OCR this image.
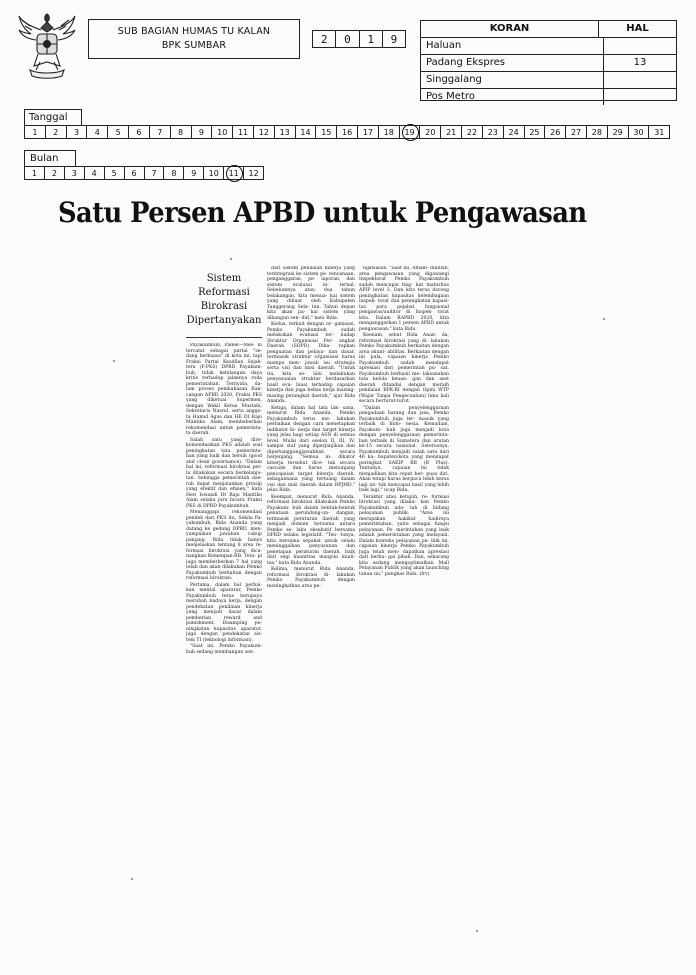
SUB BAGIAN HUMAS TU KALAN
BPK SUMBAR	2	0	1	9
KORAN	HAL
Haluan
Padang Ekspres	13
Singgalang
Pos Metro
Tanggal
1	2	3	4	5	6	7	8	9	10	11	12	13	14	15	16	17	18	19	20	21	22	23	24	25	26	27	28	29	30	31
Bulan
1	2	3	4	5	6	7	8	9	10	11	12
Satu Persen APBD untuk Pengawasan
Sistem
Reformasi
Birokrasi
Dipertanyakan

Payakumbuh, Padek—Mes- ki tercatat sebagai partai "se- dang berkuasa" di kota ini, tapi Fraksi Partai Keadilan Sejah- tera (F-PKS) DPRD Payakum- buh, tidak kehilangan daya kritis terhadap jalannya roda pemerintahan. Ternyata, da- lam proses pembahasan Ran- cangan APBD 2020, Fraksi PKS yang diketuai Supermen, dengan Wakil Ketua Mustafa, Sekretaris Nasrul, serta anggo- ta Hamid Agus dan HE Dt Rajo Mantiko Alam, membeberkan rekomendasi untuk pemerinta- ta daerah.

Salah satu yang dire- komendasikan PKS adalah soal peningkatan tata pemerinta- han yang baik dan bersih (good and clean governance). "Dalam hal ini, reformasi birokrasi per- lu dilakukan secara berkelanju- tan. Sehingga pemerintah dae- rah dapat menjalankan prinsip yang efektif dan efisien," kata Heri Iswandi Dt Rajo Mantiko Alam selaku juru bicara Fraksi PKS di DPRD Payakumbuh.

Menanggapi rekomendasi pendek dari PKS itu, Sekda Pa- yakumbuh, Rida Ananda yang datang ke gedung DPRD, men- yampaikan jawaban cukup panjang. Rida tidak hanya menjelaskan tentang 8 area re- formasi birokrasi yang dica- nangkan Kemenpan-RB. Teta- pi juga memberberkan 7 hal yang telah dan akan dilakukan Pemko Payakumbuh berkaitan dengan reformasi birokrasi.

Pertama, dalam hal perbai- kan mental aparatur, Pemko Payakumbuh terus berupaya merubah budaya kerja, dengan pendekatan penilaian kinerja yang menjadi dasar dalam pemberian reward and punishment. Disamping pe- ningkatan kapasitas aparatur, juga dengan pendekatan sis- tem TI (teknologi informasi).

"Saat ini, Pemko Payakum- buh sedang membangun sen-

dari sistem penilaian kinerja yang terintegrasi ke sistem pe- rencanaan, penganggaran, pe- laporan, dan sistem evaluasi in- ternal. Sebelumnya atau dua tahun belakangan, kita menua- kai sistem yang dibuat oleh Kabupaten Tanggerang Sela- tan. Tahun depan kita akan pa- kai sistem yang dibangun sen- diri," kata Rida.

Kedua, terkait dengan or- ganisasi, Pemko Payakumbuh sudah melakukan evaluasi ter- hadap Struktur Organisasi Per- angkat Daerah (SOPD). Diha- rapkan penguatan dan pelaya- nan dasar, termasuk struktur organisasi harus mampu men- jawab isu strategis serta visi dan misi daerah. "Untuk itu, kita se- lalu melakukan penyesuaian struktur berdasarkan hasil eva- luasi terhadap capaian kinerja dan juga bebas kerja masing- masing perangkat daerah," ujar Rida Ananda.

Ketiga, dalam hal tata lak- sana, menurut Rida Ananda, Pemko Payakumbuh terus me- lakukan perbaikan dengan cara menetapkan indikator ki- nerja dan target kinerja yang jelas bagi setiap ASN di semua level. Mulai dari eselon II, III, IV, sampai staf yang diperjanjikan dan dipertanggungjawabkan secara berjenjang. "Semua in- dikator kinerja tersebut dice- tak secara cascade dan harus menunjang pencapaian target kinerja daerah, sebagaimana yang tertuang dalam visi dan misi daerah dalam RPJMD," jelas Rida.

Keempat, menurut Rida Ananda, reformasi birokrasi dilakukan Pemko Payakum- buh dalam bentuk-bentuk penataan perundang-un- dangan, termasuk peraturan daerah yang menjadi domain bersama antara Pemko se- laku eksekutif bersama DPRD selaku legislatif. "Ten- tunya, kita bersama sepakat untuk selalu meninggalkan penyusunan dan penetapan peraturan daerah, baik dari segi kuantitas maupun kuali- tas," kata Rida Ananda.

Kelima, menurut Rida Ananda, reformasi birokrasi di- lakukan Pemko Payakumbuh dengan meningkatkan area pe-

ngawasan. "Saat ini, Alham- dulillah, area pengawasan yang digawangi Inspektorat Pemko Payakumbuh sudah mencapai ting- kat maturitas APIP level 3. Dan kita terus dorong peningkatan kapasitas kelembagaan inspek- torat dan peningkatan kapasi- tas para pejabat fungsional pengawas/auditor di Inspek- torat kita. Dalam RAPBD 2020, kita menganggarkan 1 persen APBD untuk pengawasan," kata Rida.

Keenam, sebut Rida Anan- da, reformasi birokrasi yang di- lakukan Pemko Payakumbuh berkaitan dengan area akunt- abilitas. Berkaitan dengan ini pula, capaian kinerja Pemko Payakumbuh sudah mendapat apresiasi dari pemerintah pu- sat. Payakumbuh berhasil me- laksanakan tata kelola keuan- gan dan aset daerah ditandai dengan meraih penilaian BPK-RI dengan Opini WTP (Wajar Tanpa Pengecualian) lima kali secara berturut-turut.

"Dalam penyelenggaraan pengadaan barang dan jasa, Pemko Payakumbuh juga ter- masuk yang terbaik di Indo- nesia. Kemudian, Payakum- buh juga menjadi kota dengan penyelenggaraan pemerinta- han terbaik di Sumatera dan urutan ke-15 secara nasional. Seterusnya, Payakumbuh menjadi salah satu dari 46 ka- bupaten/kota yang mendapat peringkat SAKIP BB (B Plus). Tentunya, capaian ini tidak menjadikan kita cepat ber- puas diri. Akan tetapi harus berpacu lebih keras lagi un- tuk mencapai hasil yang lebih baik lagi," ucap Rida.

Terakhir atau ketujuh, re- formasi birokrasi yang dilaku- kan Pemko Payakumbuh ada- lah di bidang pelayanan publik. "Area ini merupakan hakikat hadirnya pemerintahan, yaitu sebagai fungsi pelayanan. Pe- merintahan yang baik adalah pemerintahan yang melayani. Dalam konteks pelayanan pu- blik ini, capaian kinerja Pemko Payakumbuh juga telah men- dapatkan apresiasi dari berba- gai pihak. Dan, sekarang kita sedang mengoptimalkan Mall Pelayanan Publik yang akan launching tahun ini," pungkas Rida. (frv)
